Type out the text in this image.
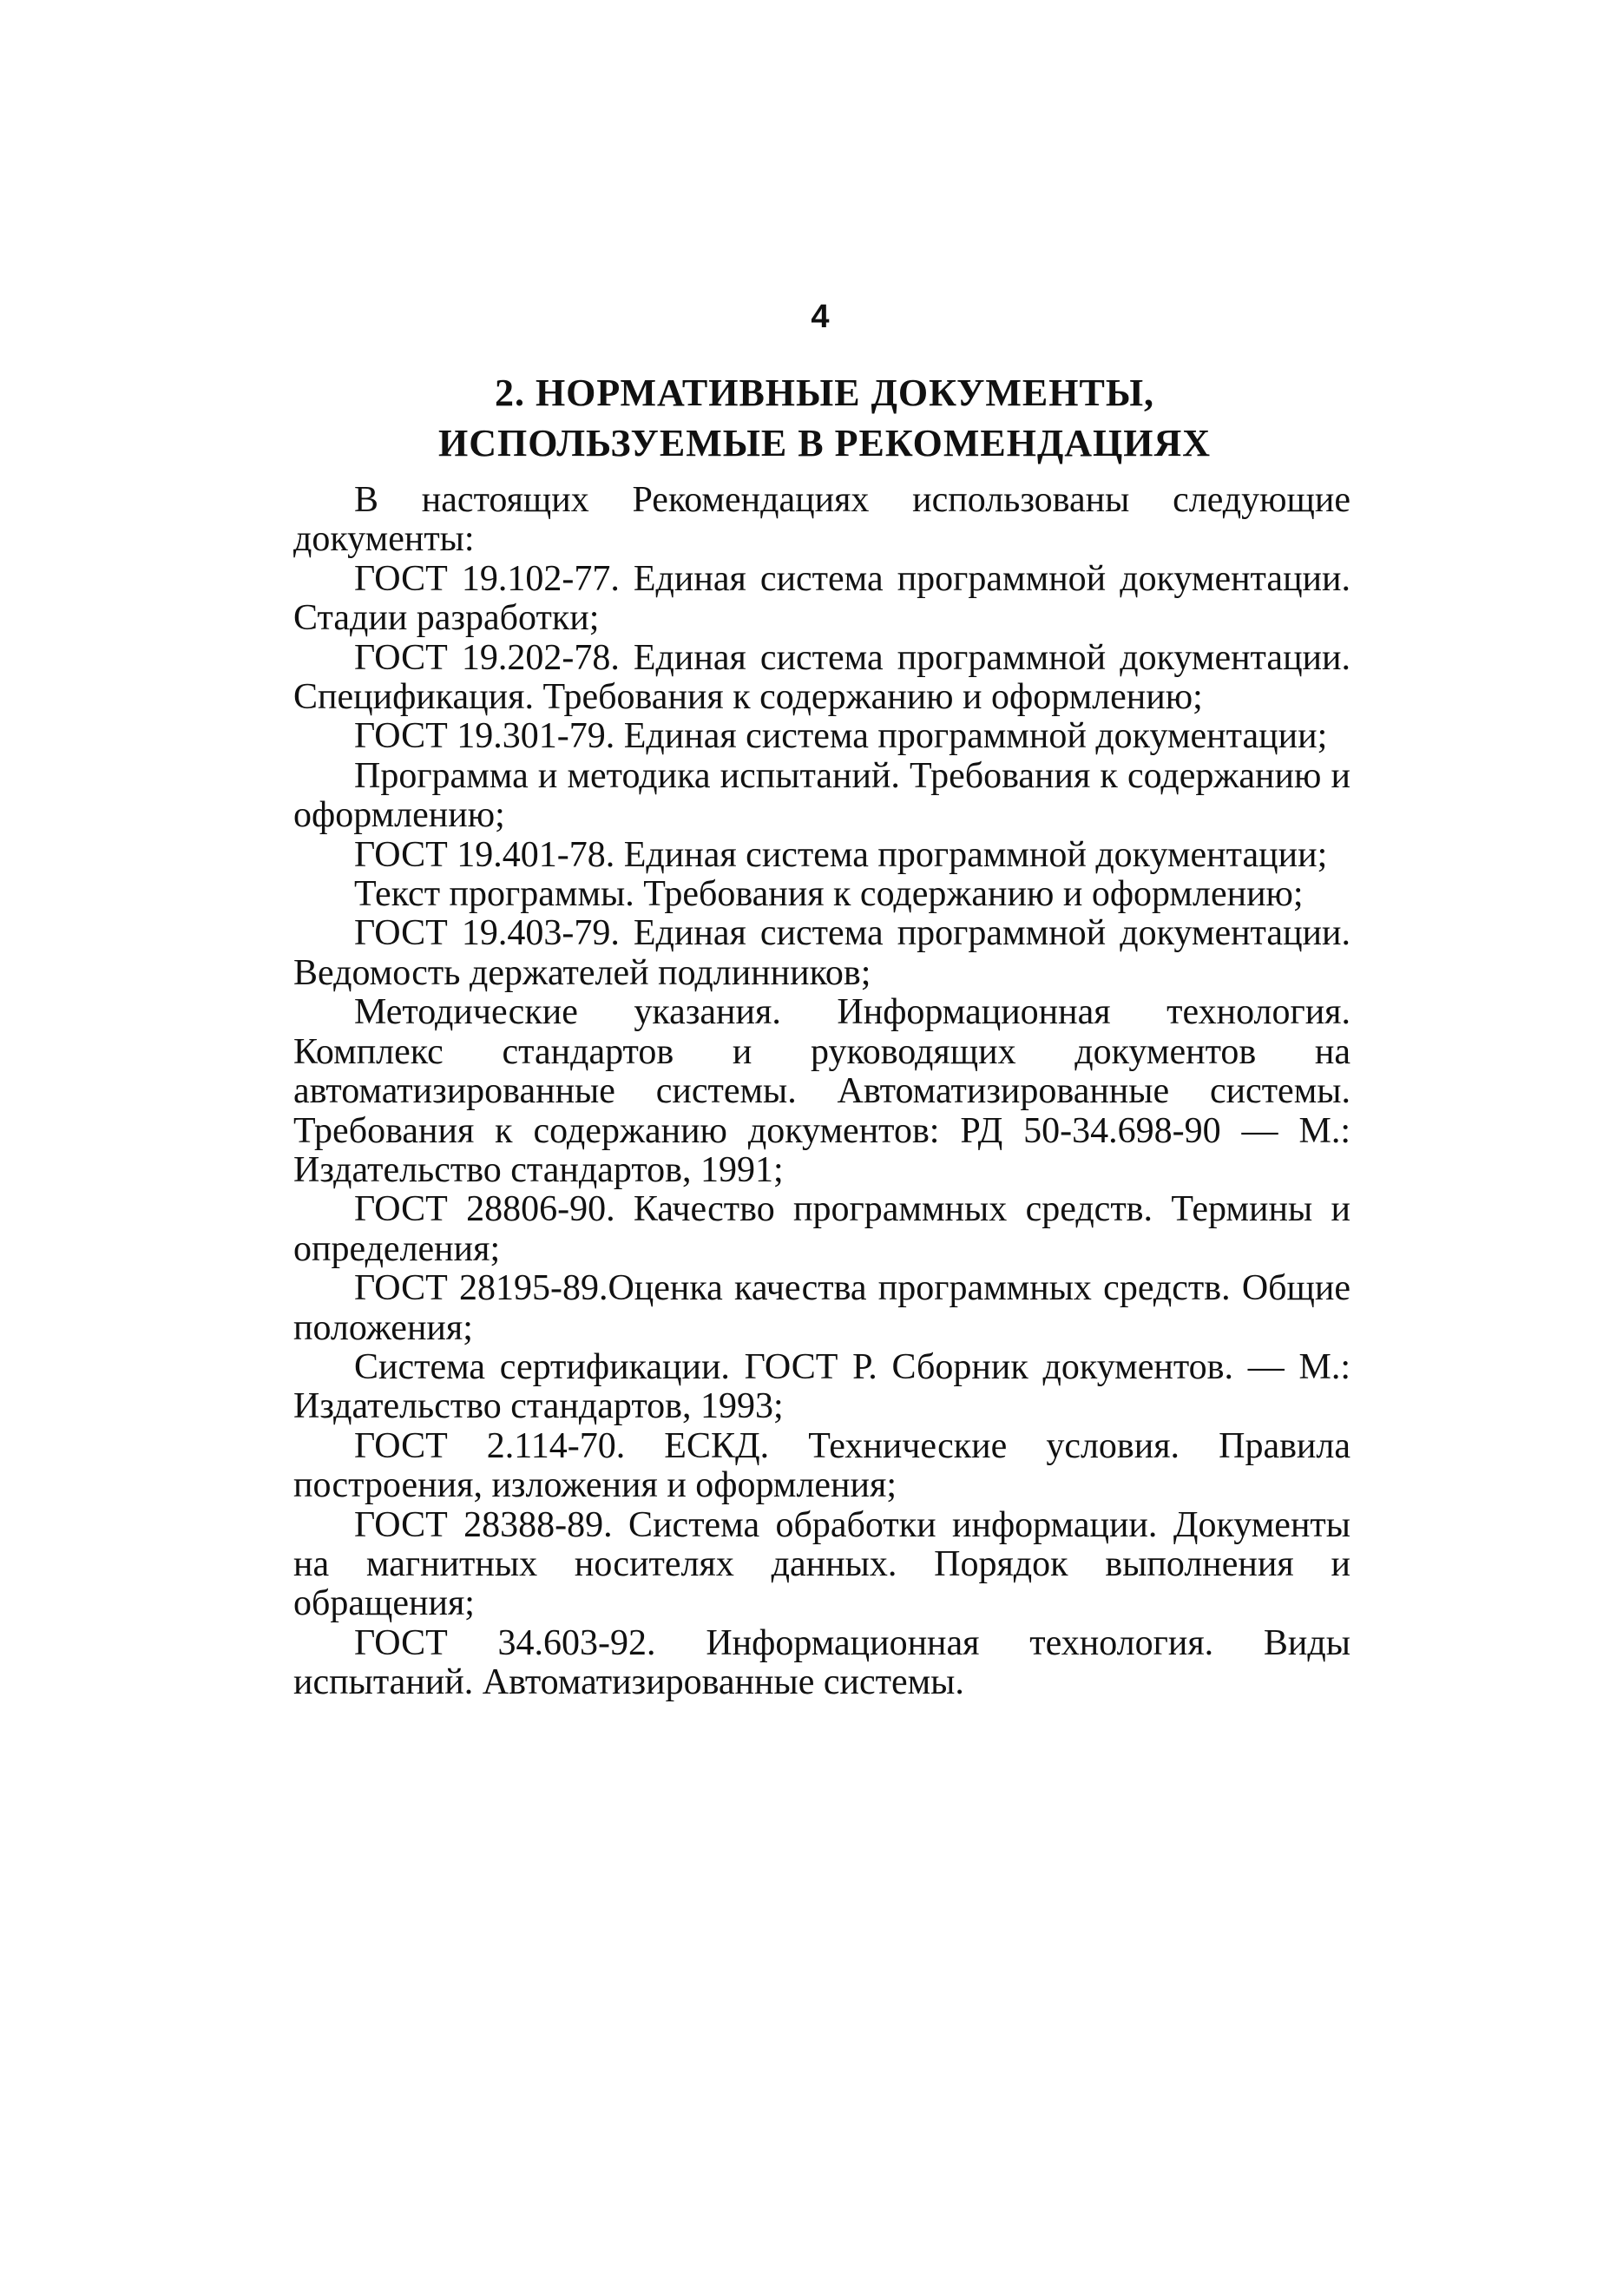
4
2. НОРМАТИВНЫЕ ДОКУМЕНТЫ,
ИСПОЛЬЗУЕМЫЕ В РЕКОМЕНДАЦИЯХ

В настоящих Рекомендациях использованы следующие документы:

ГОСТ 19.102-77. Единая система программной документации. Стадии разработки;

ГОСТ 19.202-78. Единая система программной документации. Спецификация. Требования к содержанию и оформлению;

ГОСТ 19.301-79. Единая система программной документации;

Программа и методика испытаний. Требования к содержанию и оформлению;

ГОСТ 19.401-78. Единая система программной документации;

Текст программы. Требования к содержанию и оформлению;

ГОСТ 19.403-79. Единая система программной документации. Ведомость держателей подлинников;

Методические указания. Информационная технология. Комплекс стандартов и руководящих документов на автоматизированные системы. Автоматизированные системы. Требования к содержанию документов: РД 50-34.698-90 — М.: Издательство стандартов, 1991;

ГОСТ 28806-90. Качество программных средств. Термины и определения;

ГОСТ 28195-89.Оценка качества программных средств. Общие положения;

Система сертификации. ГОСТ Р. Сборник документов. — М.: Издательство стандартов, 1993;

ГОСТ 2.114-70. ЕСКД. Технические условия. Правила построения, изложения и оформления;

ГОСТ 28388-89. Система обработки информации. Документы на магнитных носителях данных. Порядок выполнения и обращения;

ГОСТ 34.603-92. Информационная технология. Виды испытаний. Автоматизированные системы.
